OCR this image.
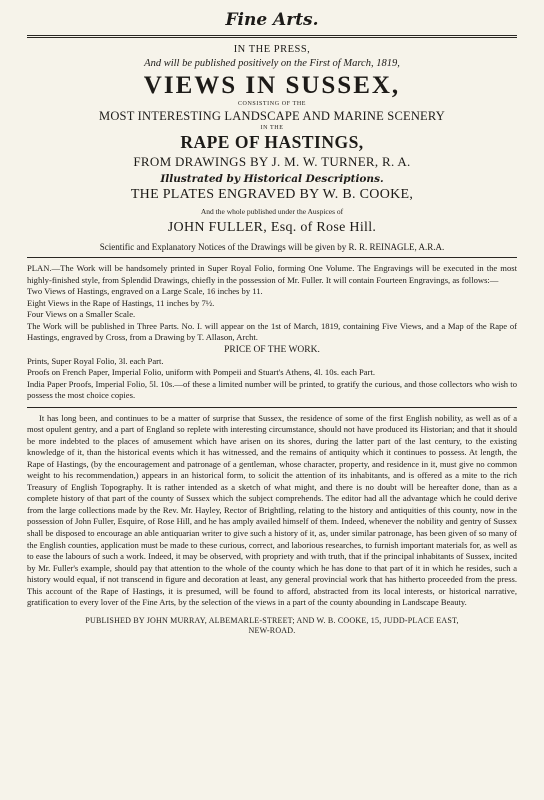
Fine Arts.
IN THE PRESS,
And will be published positively on the First of March, 1819,
VIEWS IN SUSSEX,
CONSISTING OF THE
MOST INTERESTING LANDSCAPE AND MARINE SCENERY
IN THE
RAPE OF HASTINGS,
FROM DRAWINGS BY J. M. W. TURNER, R. A.
Illustrated by Historical Descriptions.
THE PLATES ENGRAVED BY W. B. COOKE,
And the whole published under the Auspices of
JOHN FULLER, Esq. of Rose Hill.
Scientific and Explanatory Notices of the Drawings will be given by R. R. REINAGLE, A.R.A.

PLAN.—The Work will be handsomely printed in Super Royal Folio, forming One Volume. The Engravings will be executed in the most highly-finished style, from Splendid Drawings, chiefly in the possession of Mr. Fuller. It will contain Fourteen Engravings, as follows:—

Two Views of Hastings, engraved on a Large Scale, 16 inches by 11.

Eight Views in the Rape of Hastings, 11 inches by 7½.

Four Views on a Smaller Scale.

The Work will be published in Three Parts. No. I. will appear on the 1st of March, 1819, containing Five Views, and a Map of the Rape of Hastings, engraved by Cross, from a Drawing by T. Allason, Archt.

PRICE OF THE WORK.

Prints, Super Royal Folio, 3l. each Part.

Proofs on French Paper, Imperial Folio, uniform with Pompeii and Stuart's Athens, 4l. 10s. each Part.

India Paper Proofs, Imperial Folio, 5l. 10s.—of these a limited number will be printed, to gratify the curious, and those collectors who wish to possess the most choice copies.

It has long been, and continues to be a matter of surprise that Sussex, the residence of some of the first English nobility, as well as of a most opulent gentry, and a part of England so replete with interesting circumstance, should not have produced its Historian; and that it should be more indebted to the places of amusement which have arisen on its shores, during the latter part of the last century, to the existing knowledge of it, than the historical events which it has witnessed, and the remains of antiquity which it continues to possess. At length, the Rape of Hastings, (by the encouragement and patronage of a gentleman, whose character, property, and residence in it, must give no common weight to his recommendation,) appears in an historical form, to solicit the attention of its inhabitants, and is offered as a mite to the rich Treasury of English Topography. It is rather intended as a sketch of what might, and there is no doubt will be hereafter done, than as a complete history of that part of the county of Sussex which the subject comprehends. The editor had all the advantage which he could derive from the large collections made by the Rev. Mr. Hayley, Rector of Brightling, relating to the history and antiquities of this county, now in the possession of John Fuller, Esquire, of Rose Hill, and he has amply availed himself of them. Indeed, whenever the nobility and gentry of Sussex shall be disposed to encourage an able antiquarian writer to give such a history of it, as, under similar patronage, has been given of so many of the English counties, application must be made to these curious, correct, and laborious researches, to furnish important materials for, as well as to ease the labours of such a work. Indeed, it may be observed, with propriety and with truth, that if the principal inhabitants of Sussex, incited by Mr. Fuller's example, should pay that attention to the whole of the county which he has done to that part of it in which he resides, such a history would equal, if not transcend in figure and decoration at least, any general provincial work that has hitherto proceeded from the press. This account of the Rape of Hastings, it is presumed, will be found to afford, abstracted from its local interests, or historical narrative, gratification to every lover of the Fine Arts, by the selection of the views in a part of the county abounding in Landscape Beauty.

PUBLISHED BY JOHN MURRAY, ALBEMARLE-STREET; AND W. B. COOKE, 15, JUDD-PLACE EAST,
NEW-ROAD.
